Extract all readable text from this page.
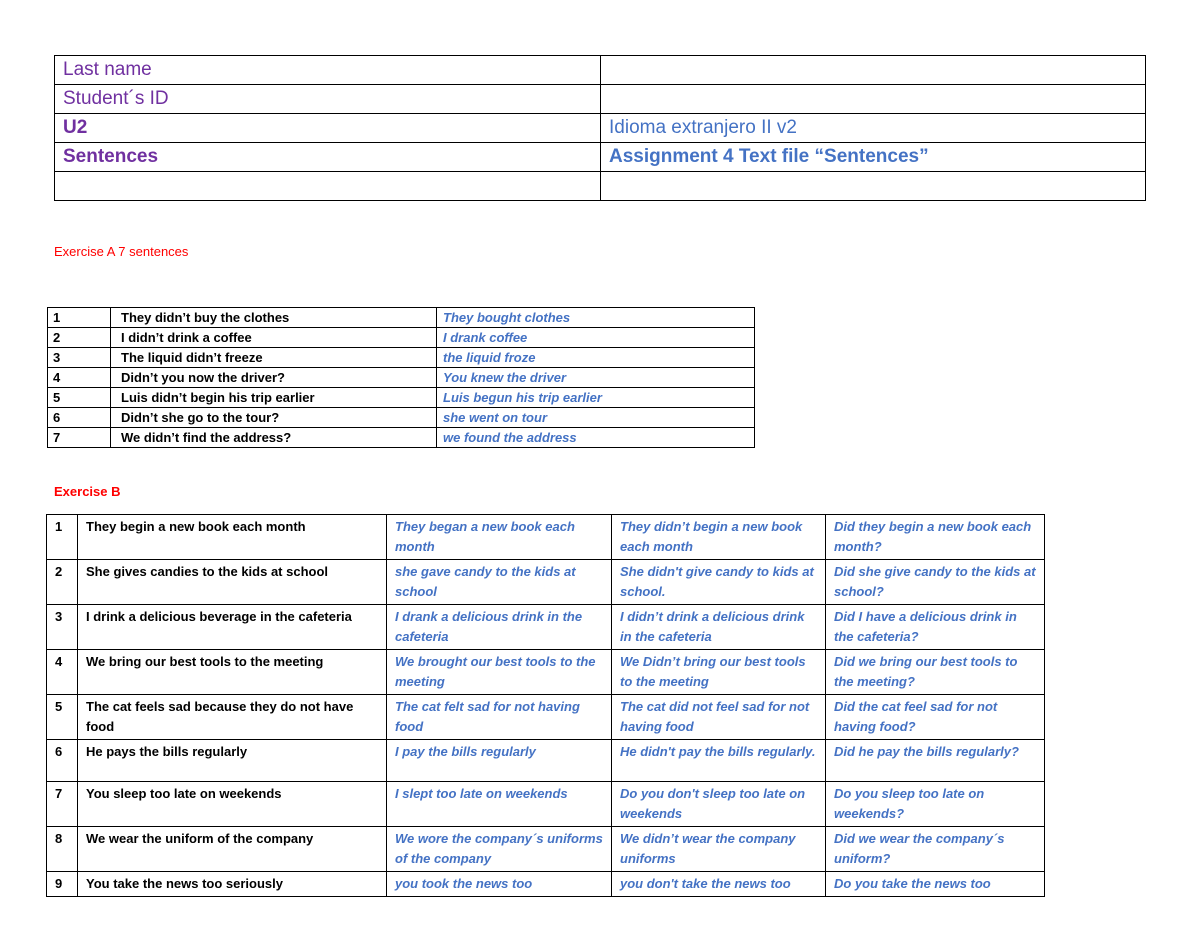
Last name	
Student´s ID	
U2	Idioma extranjero II v2
Sentences	Assignment 4 Text file “Sentences”

Exercise A 7 sentences
1	They didn’t buy the clothes	They bought clothes
2	I didn’t drink a coffee	I drank coffee
3	The liquid didn’t freeze	the liquid froze
4	Didn’t you now the driver?	You knew the driver
5	Luis didn’t begin his trip earlier	Luis begun his trip earlier
6	Didn’t she go to the tour?	she went on tour
7	We didn’t find the address?	we found the address
Exercise B
1	They begin a new book each month	They began a new book each month	They didn’t begin a new book each month	Did they begin a new book each month?
2	She gives candies to the kids at school	she gave candy to the kids at school	She didn't give candy to kids at school.	Did she give candy to the kids at school?
3	I drink a delicious beverage in the cafeteria	I drank a delicious drink in the cafeteria	I didn’t drink a delicious drink in the cafeteria	Did I have a delicious drink in the cafeteria?
4	We bring our best tools to the meeting	We brought our best tools to the meeting	We Didn’t bring our best tools to the meeting	Did we bring our best tools to the meeting?
5	The cat feels sad because they do not have food	The cat felt sad for not having food	The cat did not feel sad for not having food	Did the cat feel sad for not having food?
6	He pays the bills regularly	I pay the bills regularly	He didn't pay the bills regularly.	Did he pay the bills regularly?
7	You sleep too late on weekends	I slept too late on weekends	Do you don't sleep too late on weekends	Do you sleep too late on weekends?
8	We wear the uniform of the company	We wore the company´s uniforms of the company	We didn’t wear the company uniforms	Did we wear the company´s uniform?
9	You take the news too seriously	you took the news too	you don't take the news too	Do you take the news too
